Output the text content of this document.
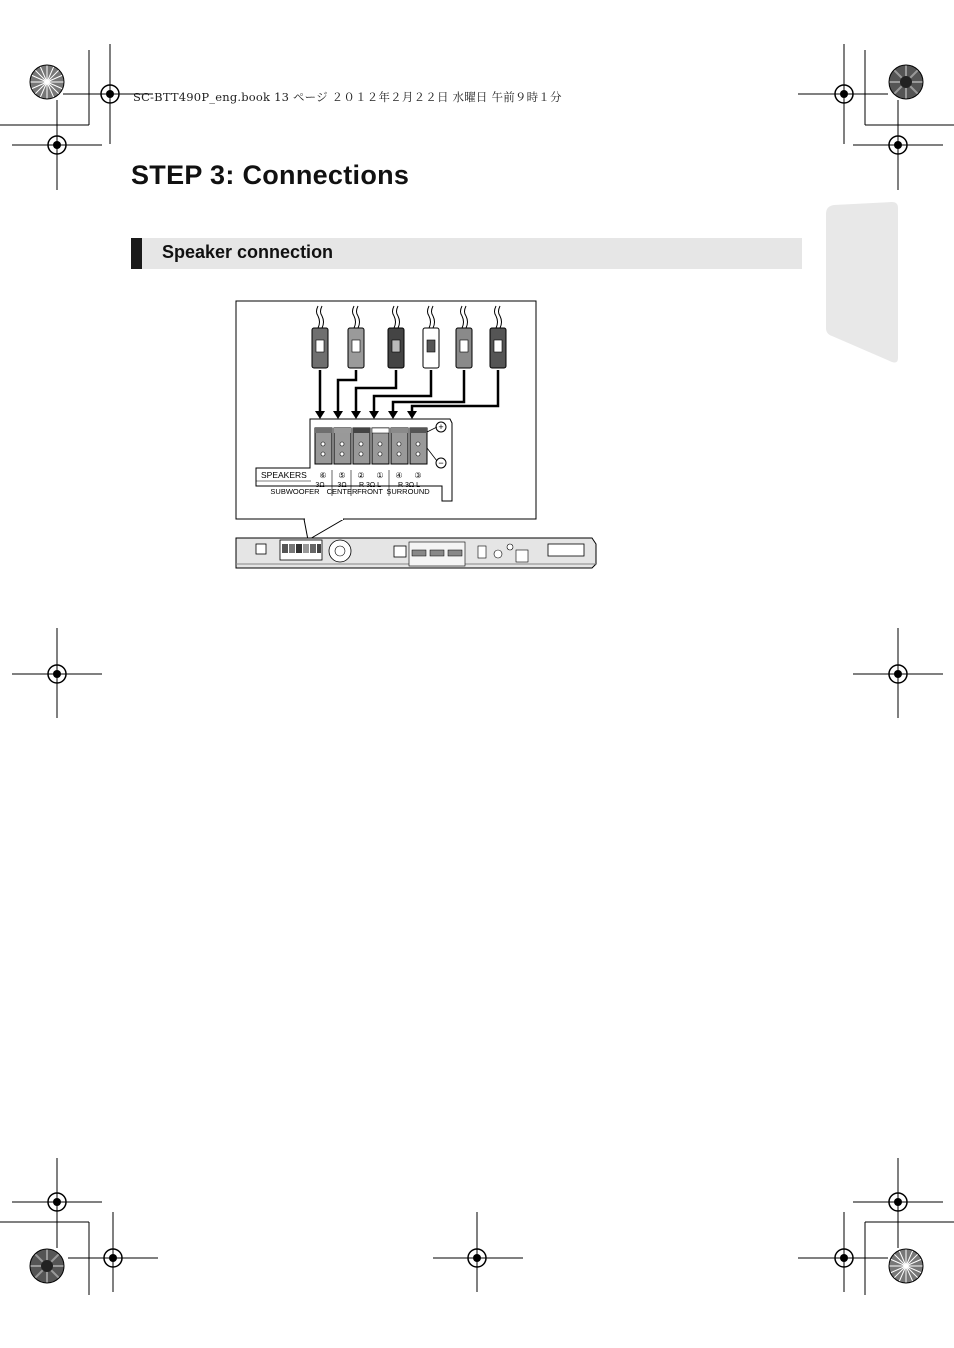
SC-BTT490P_eng.book 13 ページ ２０１２年２月２２日 水曜日 午前９時１分
STEP 3: Connections
Speaker connection
+
−
SPEAKERS ⑥ ⑤ ② ① ④ ③
3Ω 3Ω R 3Ω L R 3Ω L
SUBWOOFER CENTER FRONT SURROUND
